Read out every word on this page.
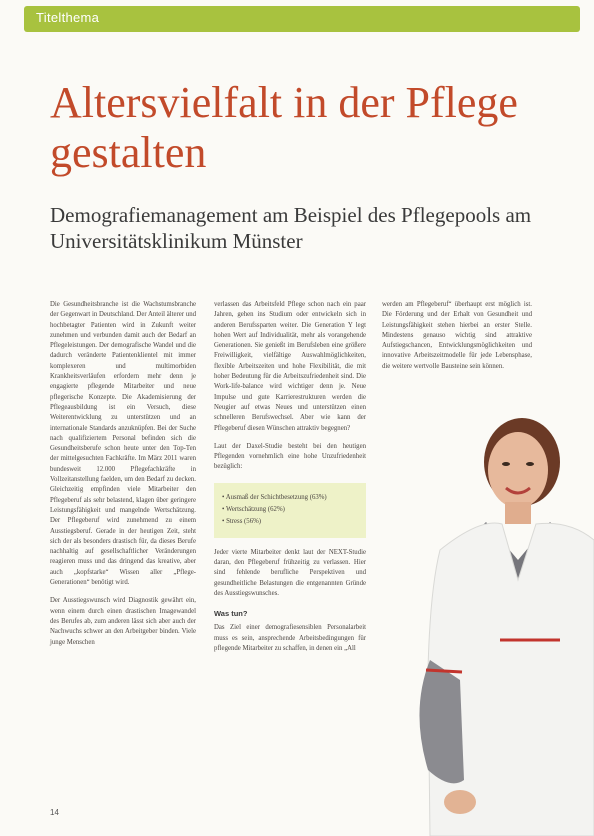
Titelthema
Altersvielfalt in der Pflege gestalten
Demografiemanagement am Beispiel des Pflegepools am Universitätsklinikum Münster

Die Gesundheitsbranche ist die Wachstumsbranche der Gegenwart in Deutschland. Der Anteil älterer und hochbetagter Patienten wird in Zukunft weiter zunehmen und verbunden damit auch der Bedarf an Pflegeleistungen. Der demografische Wandel und die dadurch veränderte Patientenklientel mit immer komplexeren und multimorbiden Krankheitsverläufen erfordern mehr denn je engagierte pflegende Mitarbeiter und neue pflegerische Konzepte. Die Akademisierung der Pflegeausbildung ist ein Versuch, diese Weiterentwicklung zu unterstützen und an internationale Standards anzuknüpfen. Bei der Suche nach qualifiziertem Personal befinden sich die Gesundheitsberufe schon heute unter den Top-Ten der mittelgesuchten Fachkräfte. Im März 2011 waren bundesweit 12.000 Pflegefachkräfte in Vollzeitanstellung faelden, um den Bedarf zu decken. Gleichzeitig empfinden viele Mitarbeiter den Pflegeberuf als sehr belastend, klagen über geringere Leistungsfähigkeit und mangelnde Wertschätzung. Der Pflegeberuf wird zunehmend zu einem Ausstiegsberuf. Gerade in der heutigen Zeit, steht sich der als besonders drastisch für, da dieses Berufe nachhaltig auf gesellschaftlicher Veränderungen reagieren muss und das dringend das kreative, aber auch „kopfstarke“ Wissen aller „Pflege-Generationen“ benötigt wird.

Der Ausstiegswunsch wird Diagnostik gewährt ein, wenn einem durch einen drastischen Imagewandel des Berufes ab, zum anderen lässt sich aber auch der Nachwuchs schwer an den Arbeitgeber binden. Viele junge Menschen

verlassen das Arbeitsfeld Pflege schon nach ein paar Jahren, gehen ins Studium oder entwickeln sich in anderen Berufssparten weiter. Die Generation Y legt hohen Wert auf Individualität, mehr als vorangehende Generationen. Sie genießt im Berufsleben eine größere Freiwilligkeit, vielfältige Auswahlmöglichkeiten, flexible Arbeitszeiten und hohe Flexibilität, die mit hoher Bedeutung für die Arbeitszufriedenheit sind. Die Work-life-balance wird wichtiger denn je. Neue Impulse und gute Karrierestrukturen werden die Neugier auf etwas Neues und unterstützen einen schnelleren Berufswechsel. Aber wie kann der Pflegeberuf diesen Wünschen attraktiv begegnen?

Laut der Daxel-Studie besteht bei den heutigen Pflegenden vornehmlich eine hohe Unzufriedenheit bezüglich:

• Ausmaß der Schichtbesetzung (63%)
• Wertschätzung (62%)
• Stress (56%)

Jeder vierte Mitarbeiter denkt laut der NEXT-Studie daran, den Pflegeberuf frühzeitig zu verlassen. Hier sind fehlende berufliche Perspektiven und gesundheitliche Belastungen die entgenannten Gründe des Ausstiegswunsches.

Was tun?

Das Ziel einer demografiesensiblen Personalarbeit muss es sein, ansprechende Arbeitsbedingungen für pflegende Mitarbeiter zu schaffen, in denen ein „All

werden am Pflegeberuf“ überhaupt erst möglich ist. Die Förderung und der Erhalt von Gesundheit und Leistungsfähigkeit stehen hierbei an erster Stelle. Mindestens genauso wichtig sind attraktive Aufstiegschancen, Entwicklungsmöglichkeiten und innovative Arbeitszeitmodelle für jede Lebensphase, die weitere wertvolle Bausteine sein können.

14
